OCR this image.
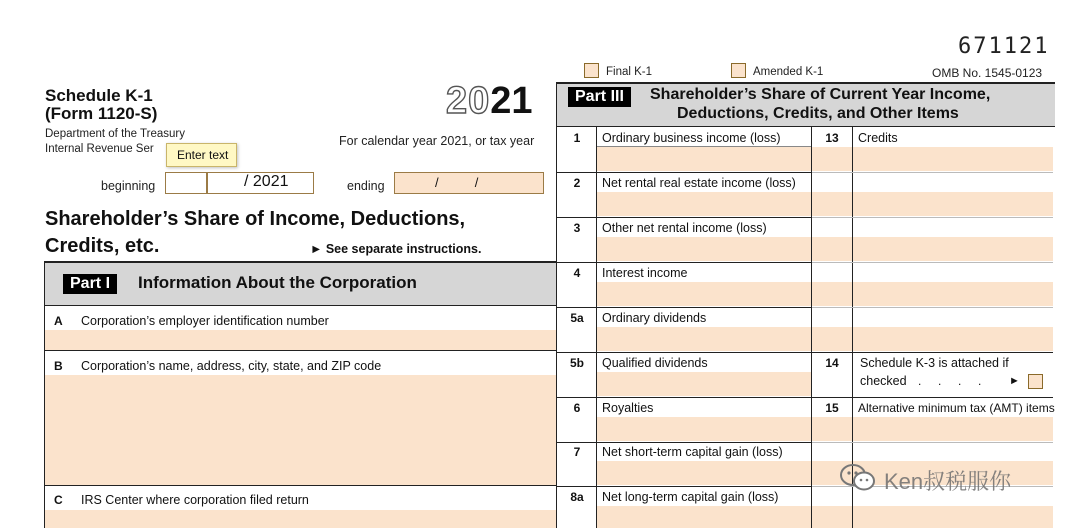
671121
Final K-1	Amended K-1	OMB No. 1545-0123
Schedule K-1
(Form 1120-S)
Department of the Treasury
Internal Revenue Ser
2021
For calendar year 2021, or tax year
Enter text
beginning	/ 2021	ending	/          /
Shareholder’s Share of Income, Deductions,
Credits, etc.	► See separate instructions.
Part I	Information About the Corporation
A Corporation’s employer identification number
B Corporation’s name, address, city, state, and ZIP code
C IRS Center where corporation filed return
Part III	Shareholder’s Share of Current Year Income,
Deductions, Credits, and Other Items
1	Ordinary business income (loss)
2	Net rental real estate income (loss)
3	Other net rental income (loss)
4	Interest income
5a	Ordinary dividends
5b	Qualified dividends
6	Royalties
7	Net short-term capital gain (loss)
8a	Net long-term capital gain (loss)
13	Credits
14	Schedule K-3 is attached if
checked .     .     .     .	►
15	Alternative minimum tax (AMT) items
Ken叔税服你
